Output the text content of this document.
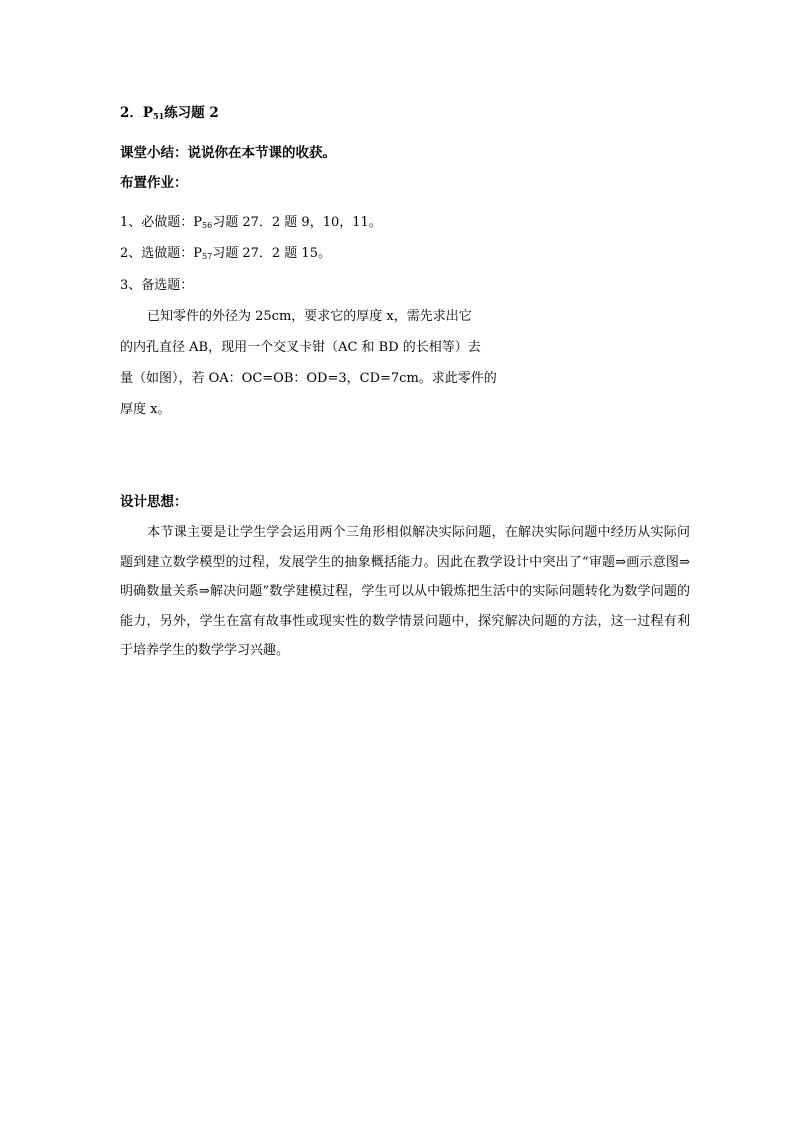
2．$P_{51}$练习题 2
课堂小结：说说你在本节课的收获。
布置作业：
1、必做题：$P_{56}$习题 27．2 题 9，10，11。
2、选做题：$P_{57}$习题 27．2 题 15。
3、备选题：
已知零件的外径为 25cm，要求它的厚度 x，需先求出它
的内孔直径 AB，现用一个交叉卡钳（AC 和 BD 的长相等）去
量（如图），若 OA：OC=OB：OD=3，CD=7cm。求此零件的
厚度 x。
设计思想：
本节课主要是让学生学会运用两个三角形相似解决实际问题，在解决实际问题中经历从实际问题到建立数学模型的过程，发展学生的抽象概括能力。因此在教学设计中突出了“审题⇒画示意图⇒明确数量关系⇒解决问题”数学建模过程，学生可以从中锻炼把生活中的实际问题转化为数学问题的能力，另外，学生在富有故事性或现实性的数学情景问题中，探究解决问题的方法，这一过程有利于培养学生的数学学习兴趣。
